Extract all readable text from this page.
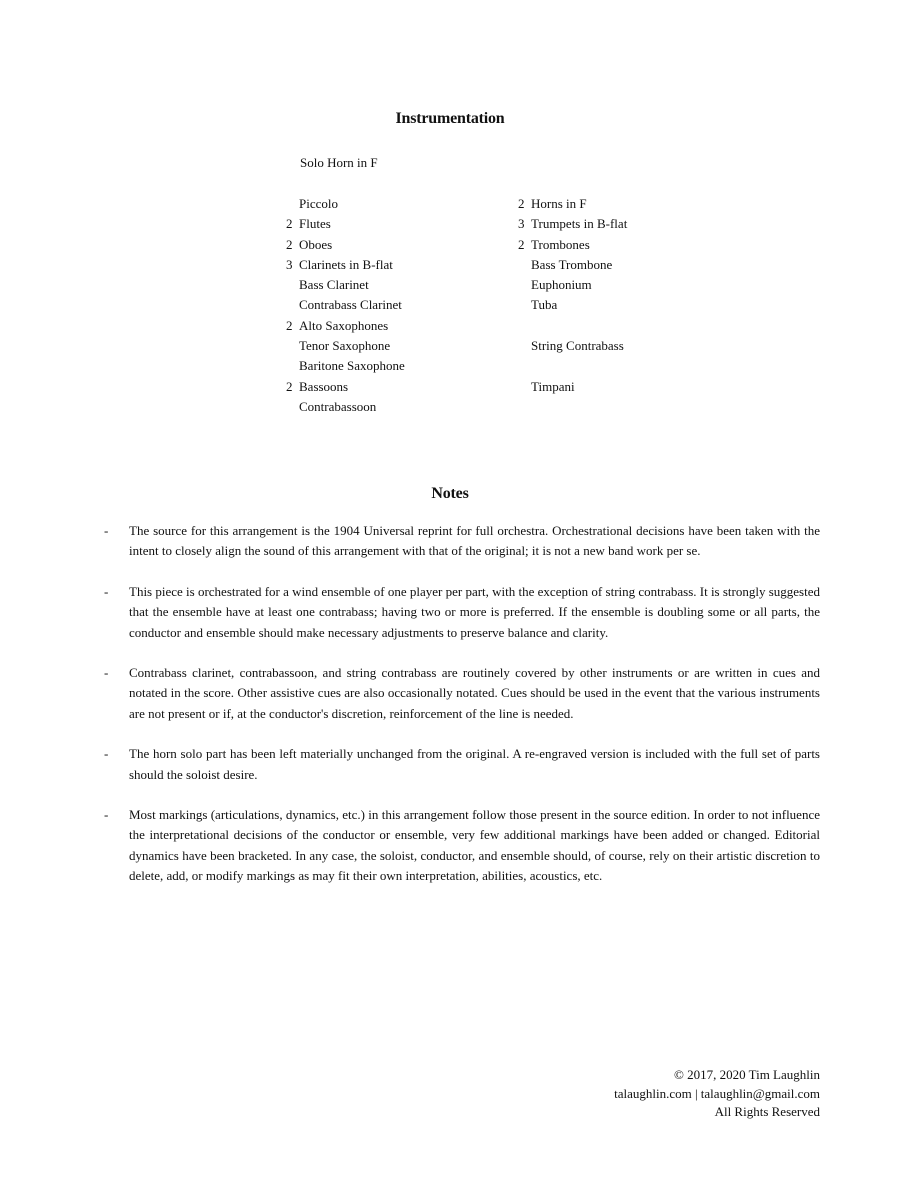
Instrumentation
Solo Horn in F
Piccolo
2 Flutes
2 Oboes
3 Clarinets in B-flat
Bass Clarinet
Contrabass Clarinet
2 Alto Saxophones
Tenor Saxophone
Baritone Saxophone
2 Bassoons
Contrabassoon
2 Horns in F
3 Trumpets in B-flat
2 Trombones
Bass Trombone
Euphonium
Tuba
String Contrabass
Timpani
Notes
- The source for this arrangement is the 1904 Universal reprint for full orchestra. Orchestrational decisions have been taken with the intent to closely align the sound of this arrangement with that of the original; it is not a new band work per se.
- This piece is orchestrated for a wind ensemble of one player per part, with the exception of string contrabass. It is strongly suggested that the ensemble have at least one contrabass; having two or more is preferred. If the ensemble is doubling some or all parts, the conductor and ensemble should make necessary adjustments to preserve balance and clarity.
- Contrabass clarinet, contrabassoon, and string contrabass are routinely covered by other instruments or are written in cues and notated in the score. Other assistive cues are also occasionally notated. Cues should be used in the event that the various instruments are not present or if, at the conductor's discretion, reinforcement of the line is needed.
- The horn solo part has been left materially unchanged from the original. A re-engraved version is included with the full set of parts should the soloist desire.
- Most markings (articulations, dynamics, etc.) in this arrangement follow those present in the source edition. In order to not influence the interpretational decisions of the conductor or ensemble, very few additional markings have been added or changed. Editorial dynamics have been bracketed. In any case, the soloist, conductor, and ensemble should, of course, rely on their artistic discretion to delete, add, or modify markings as may fit their own interpretation, abilities, acoustics, etc.
© 2017, 2020 Tim Laughlin
talaughlin.com | talaughlin@gmail.com
All Rights Reserved
